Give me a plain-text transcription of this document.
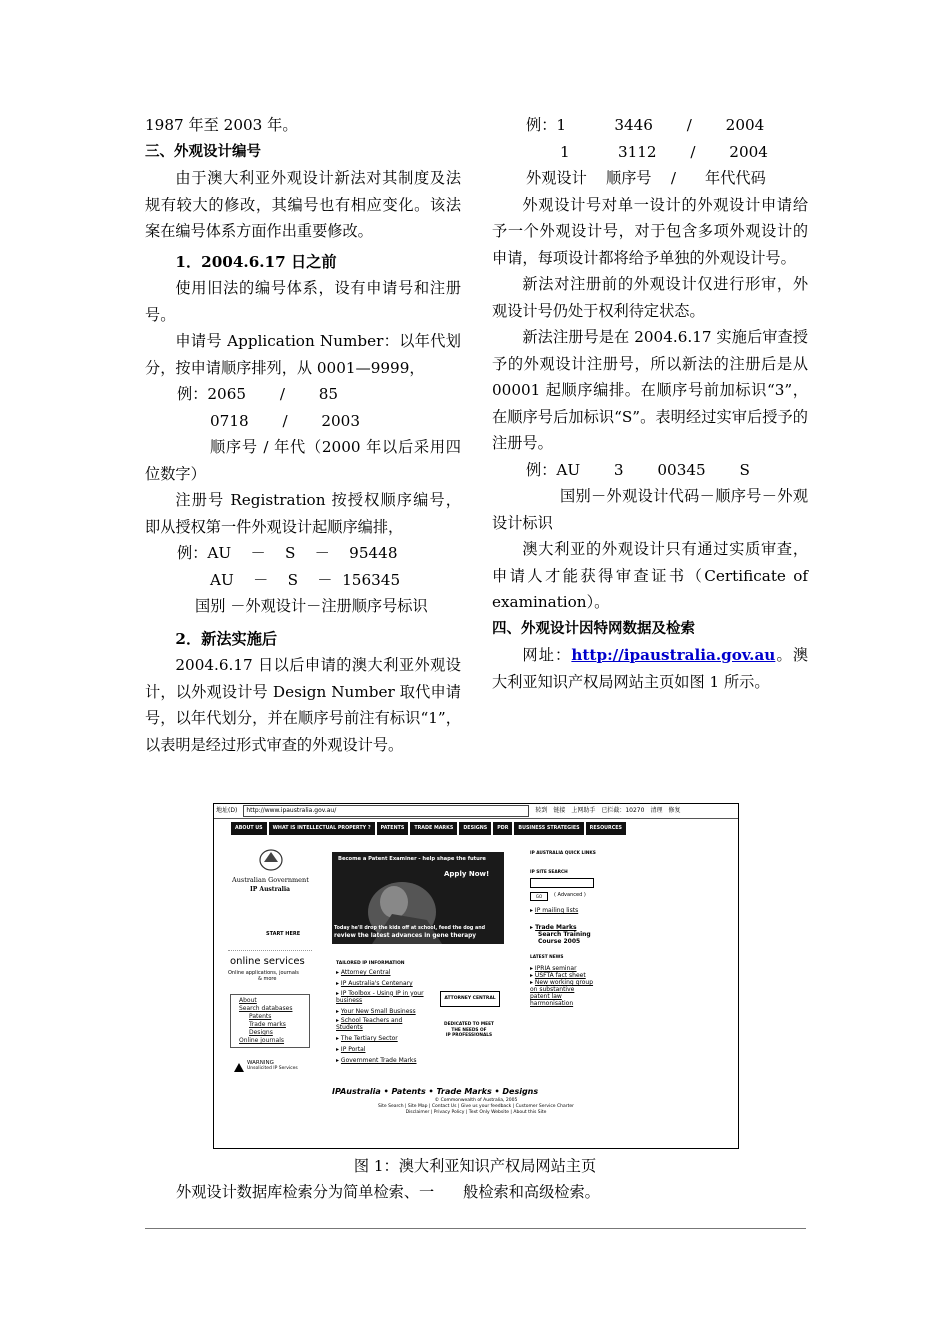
1987 年至 2003 年。

三、外观设计编号

由于澳大利亚外观设计新法对其制度及法规有较大的修改，其编号也有相应变化。该法案在编号体系方面作出重要修改。

1．2004.6.17 日之前

使用旧法的编号体系，设有申请号和注册号。

申请号 Application Number：以年代划分，按申请顺序排列，从 0001—9999，

例：2065       /       85

0718       /       2003

顺序号 / 年代（2000 年以后采用四位数字）

注册号 Registration 按授权顺序编号，即从授权第一件外观设计起顺序编排，

例：AU    －    S    －    95448

AU    －    S    －  156345

国别 －外观设计－注册顺序号标识

2．新法实施后

2004.6.17 日以后申请的澳大利亚外观设计，以外观设计号 Design Number 取代申请号，以年代划分，并在顺序号前注有标识“1”，以表明是经过形式审查的外观设计号。

例：1          3446       /       2004

1          3112       /       2004

外观设计    顺序号    /      年代代码

外观设计号对单一设计的外观设计申请给予一个外观设计号，对于包含多项外观设计的申请，每项设计都将给予单独的外观设计号。

新法对注册前的外观设计仅进行形审，外观设计号仍处于权利待定状态。

新法注册号是在 2004.6.17 实施后审查授予的外观设计注册号，所以新法的注册后是从 00001 起顺序编排。在顺序号前加标识“3”，在顺序号后加标识“S”。表明经过实审后授予的注册号。

例：AU       3       00345       S

国别－外观设计代码－顺序号－外观设计标识

澳大利亚的外观设计只有通过实质审查，申请人才能获得审查证书（Certificate of examination）。

四、外观设计因特网数据及检索

网址：http://ipaustralia.gov.au。澳大利亚知识产权局网站主页如图 1 所示。

地址(D)	http://www.ipaustralia.gov.au/	转到 链接 上网助手 已拦截：10270 清理 修复
ABOUT US	WHAT IS INTELLECTUAL PROPERTY ?	PATENTS	TRADE MARKS	DESIGNS	PDR	BUSINESS STRATEGIES	RESOURCES
Australian Government
IP Australia
START HERE
online services
Online applications, journals
& more
About
Search databases
Patents
Trade marks
Designs
Online journals
WARNING
Unsolicited IP Services
Become a Patent Examiner - help shape the future
Apply Now!
Today he'll drop the kids off at school, feed the dog and
review the latest advances in gene therapy
TAILORED IP INFORMATION
▸ Attorney Central
▸ IP Australia's Centenary
▸ IP Toolbox - Using IP in your business
▸ Your New Small Business
▸ School Teachers and Students
▸ The Tertiary Sector
▸ IP Portal
▸ Government Trade Marks
ATTORNEY CENTRAL
DEDICATED TO MEET
THE NEEDS OF
IP PROFESSIONALS
IP AUSTRALIA QUICK LINKS
IP SITE SEARCH
GO	( Advanced )
▸ IP mailing lists
▸ Trade Marks
Search Training
Course 2005
LATEST NEWS
▸ IPRIA seminar
▸ USFTA fact sheet
▸ New working group on substantive patent law harmonisation
IPAustralia • Patents • Trade Marks • Designs
© Commonwealth of Australia, 2005
Site Search | Site Map | Contact Us | Give us your feedback | Customer Service Charter
Disclaimer | Privacy Policy | Text Only Website | About this Site
图 1：澳大利亚知识产权局网站主页
外观设计数据库检索分为简单检索、一      般检索和高级检索。
